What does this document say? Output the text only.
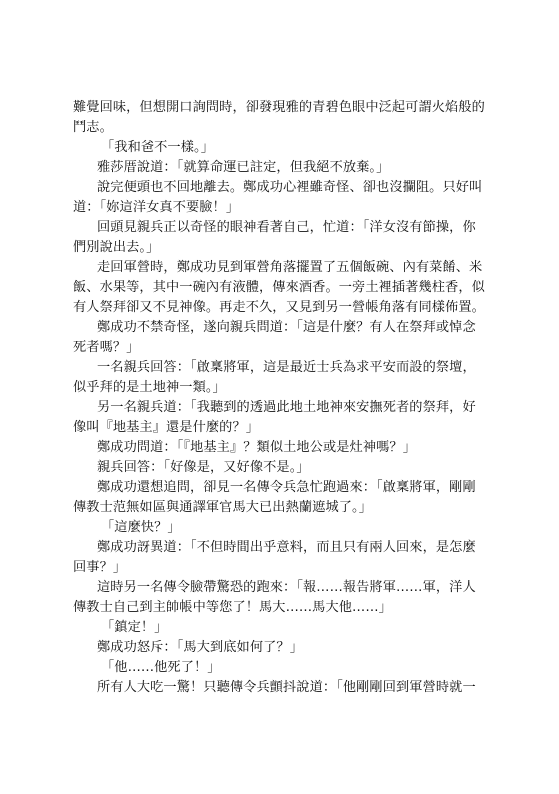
難覺回味，但想開口詢問時，卻發現雅的青碧色眼中泛起可謂火焰般的
鬥志。
「我和爸不一樣。」
雅莎厝說道：「就算命運已註定，但我絕不放棄。」
說完便頭也不回地離去。鄭成功心裡雖奇怪、卻也沒攔阻。只好叫
道：「妳這洋女真不要臉！」
回頭見親兵正以奇怪的眼神看著自己，忙道：「洋女沒有節操，你
們別說出去。」
走回軍營時，鄭成功見到軍營角落擺置了五個飯碗、內有菜餚、米
飯、水果等，其中一碗內有液體，傳來酒香。一旁土裡插著幾柱香，似
有人祭拜卻又不見神像。再走不久，又見到另一營帳角落有同樣佈置。
鄭成功不禁奇怪，遂向親兵問道：「這是什麼？有人在祭拜或悼念
死者嗎？」
一名親兵回答：「啟稟將軍，這是最近士兵為求平安而設的祭壇，
似乎拜的是土地神一類。」
另一名親兵道：「我聽到的透過此地土地神來安撫死者的祭拜，好
像叫『地基主』還是什麼的？」
鄭成功問道：「『地基主』？類似土地公或是灶神嗎？」
親兵回答：「好像是，又好像不是。」
鄭成功還想追問，卻見一名傳令兵急忙跑過來：「啟稟將軍，剛剛
傳教士范無如區與通譯軍官馬大已出熱蘭遮城了。」
「這麼快？」
鄭成功訝異道：「不但時間出乎意料，而且只有兩人回來，是怎麼
回事？」
這時另一名傳令臉帶驚恐的跑來：「報……報告將軍……軍，洋人
傳教士自己到主帥帳中等您了！馬大……馬大他……」
「鎮定！」
鄭成功怒斥：「馬大到底如何了？」
「他……他死了！」
所有人大吃一驚！只聽傳令兵顫抖說道：「他剛剛回到軍營時就一
